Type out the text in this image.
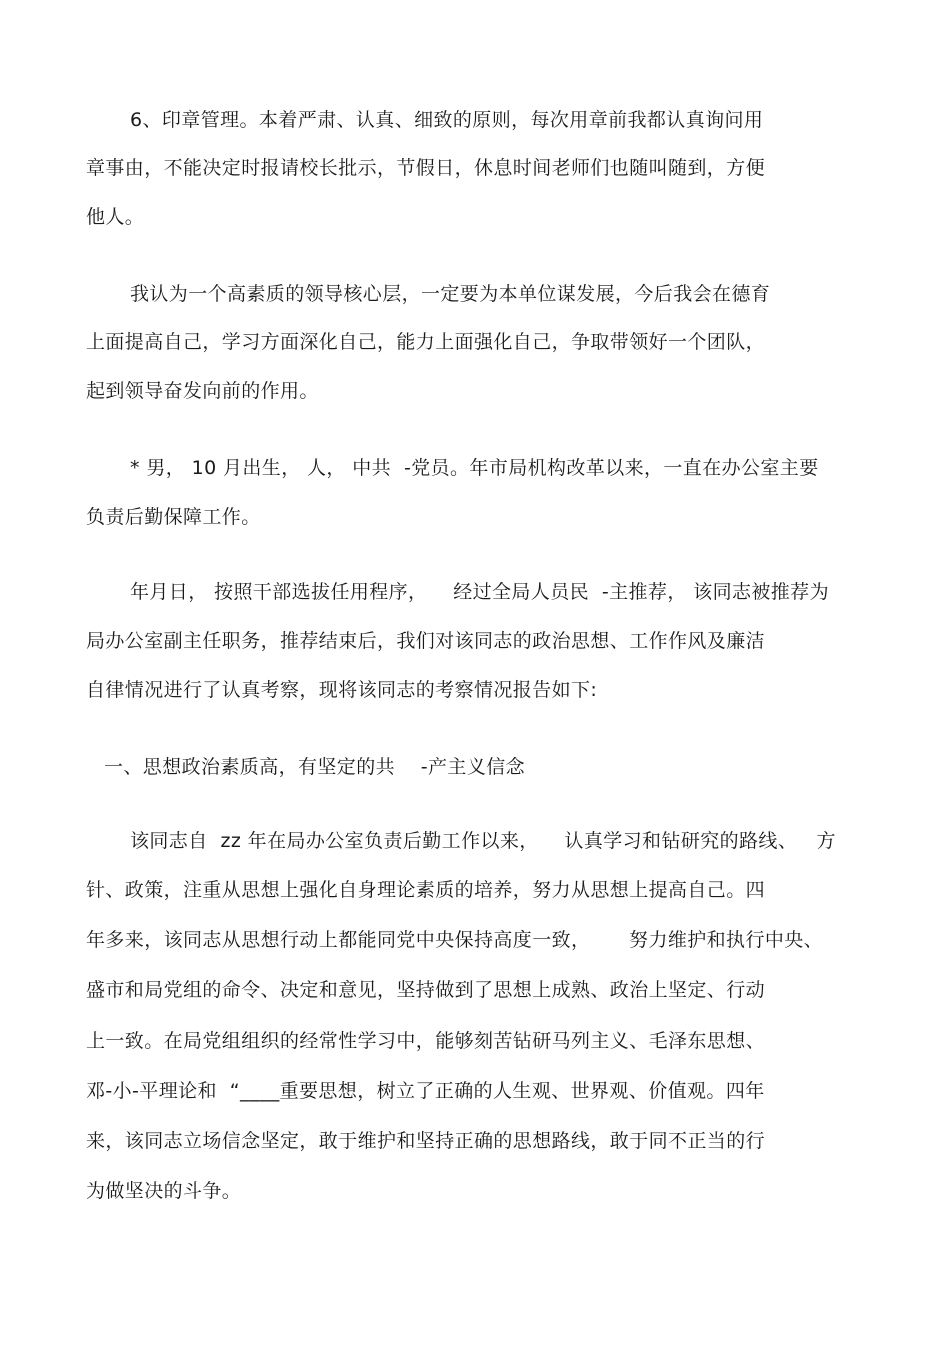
6、印章管理。本着严肃、认真、细致的原则，每次用章前我都认真询问用
章事由，不能决定时报请校长批示，节假日，休息时间老师们也随叫随到，方便
他人。
我认为一个高素质的领导核心层，一定要为本单位谋发展，今后我会在德育
上面提高自己，学习方面深化自己，能力上面强化自己，争取带领好一个团队，
起到领导奋发向前的作用。
* 男， 10 月出生， 人， 中共  -党员。年市局机构改革以来，一直在办公室主要
负责后勤保障工作。
年月日， 按照干部选拔任用程序，    经过全局人员民  -主推荐， 该同志被推荐为
局办公室副主任职务，推荐结束后，我们对该同志的政治思想、工作作风及廉洁
自律情况进行了认真考察，现将该同志的考察情况报告如下:
一、思想政治素质高，有坚定的共    -产主义信念
该同志自  zz 年在局办公室负责后勤工作以来，    认真学习和钻研究的路线、   方
针、政策，注重从思想上强化自身理论素质的培养，努力从思想上提高自己。四
年多来，该同志从思想行动上都能同党中央保持高度一致，      努力维护和执行中央、
盛市和局党组的命令、决定和意见，坚持做到了思想上成熟、政治上坚定、行动
上一致。在局党组组织的经常性学习中，能够刻苦钻研马列主义、毛泽东思想、
邓-小-平理论和  “____重要思想，树立了正确的人生观、世界观、价值观。四年
来，该同志立场信念坚定，敢于维护和坚持正确的思想路线，敢于同不正当的行
为做坚决的斗争。
